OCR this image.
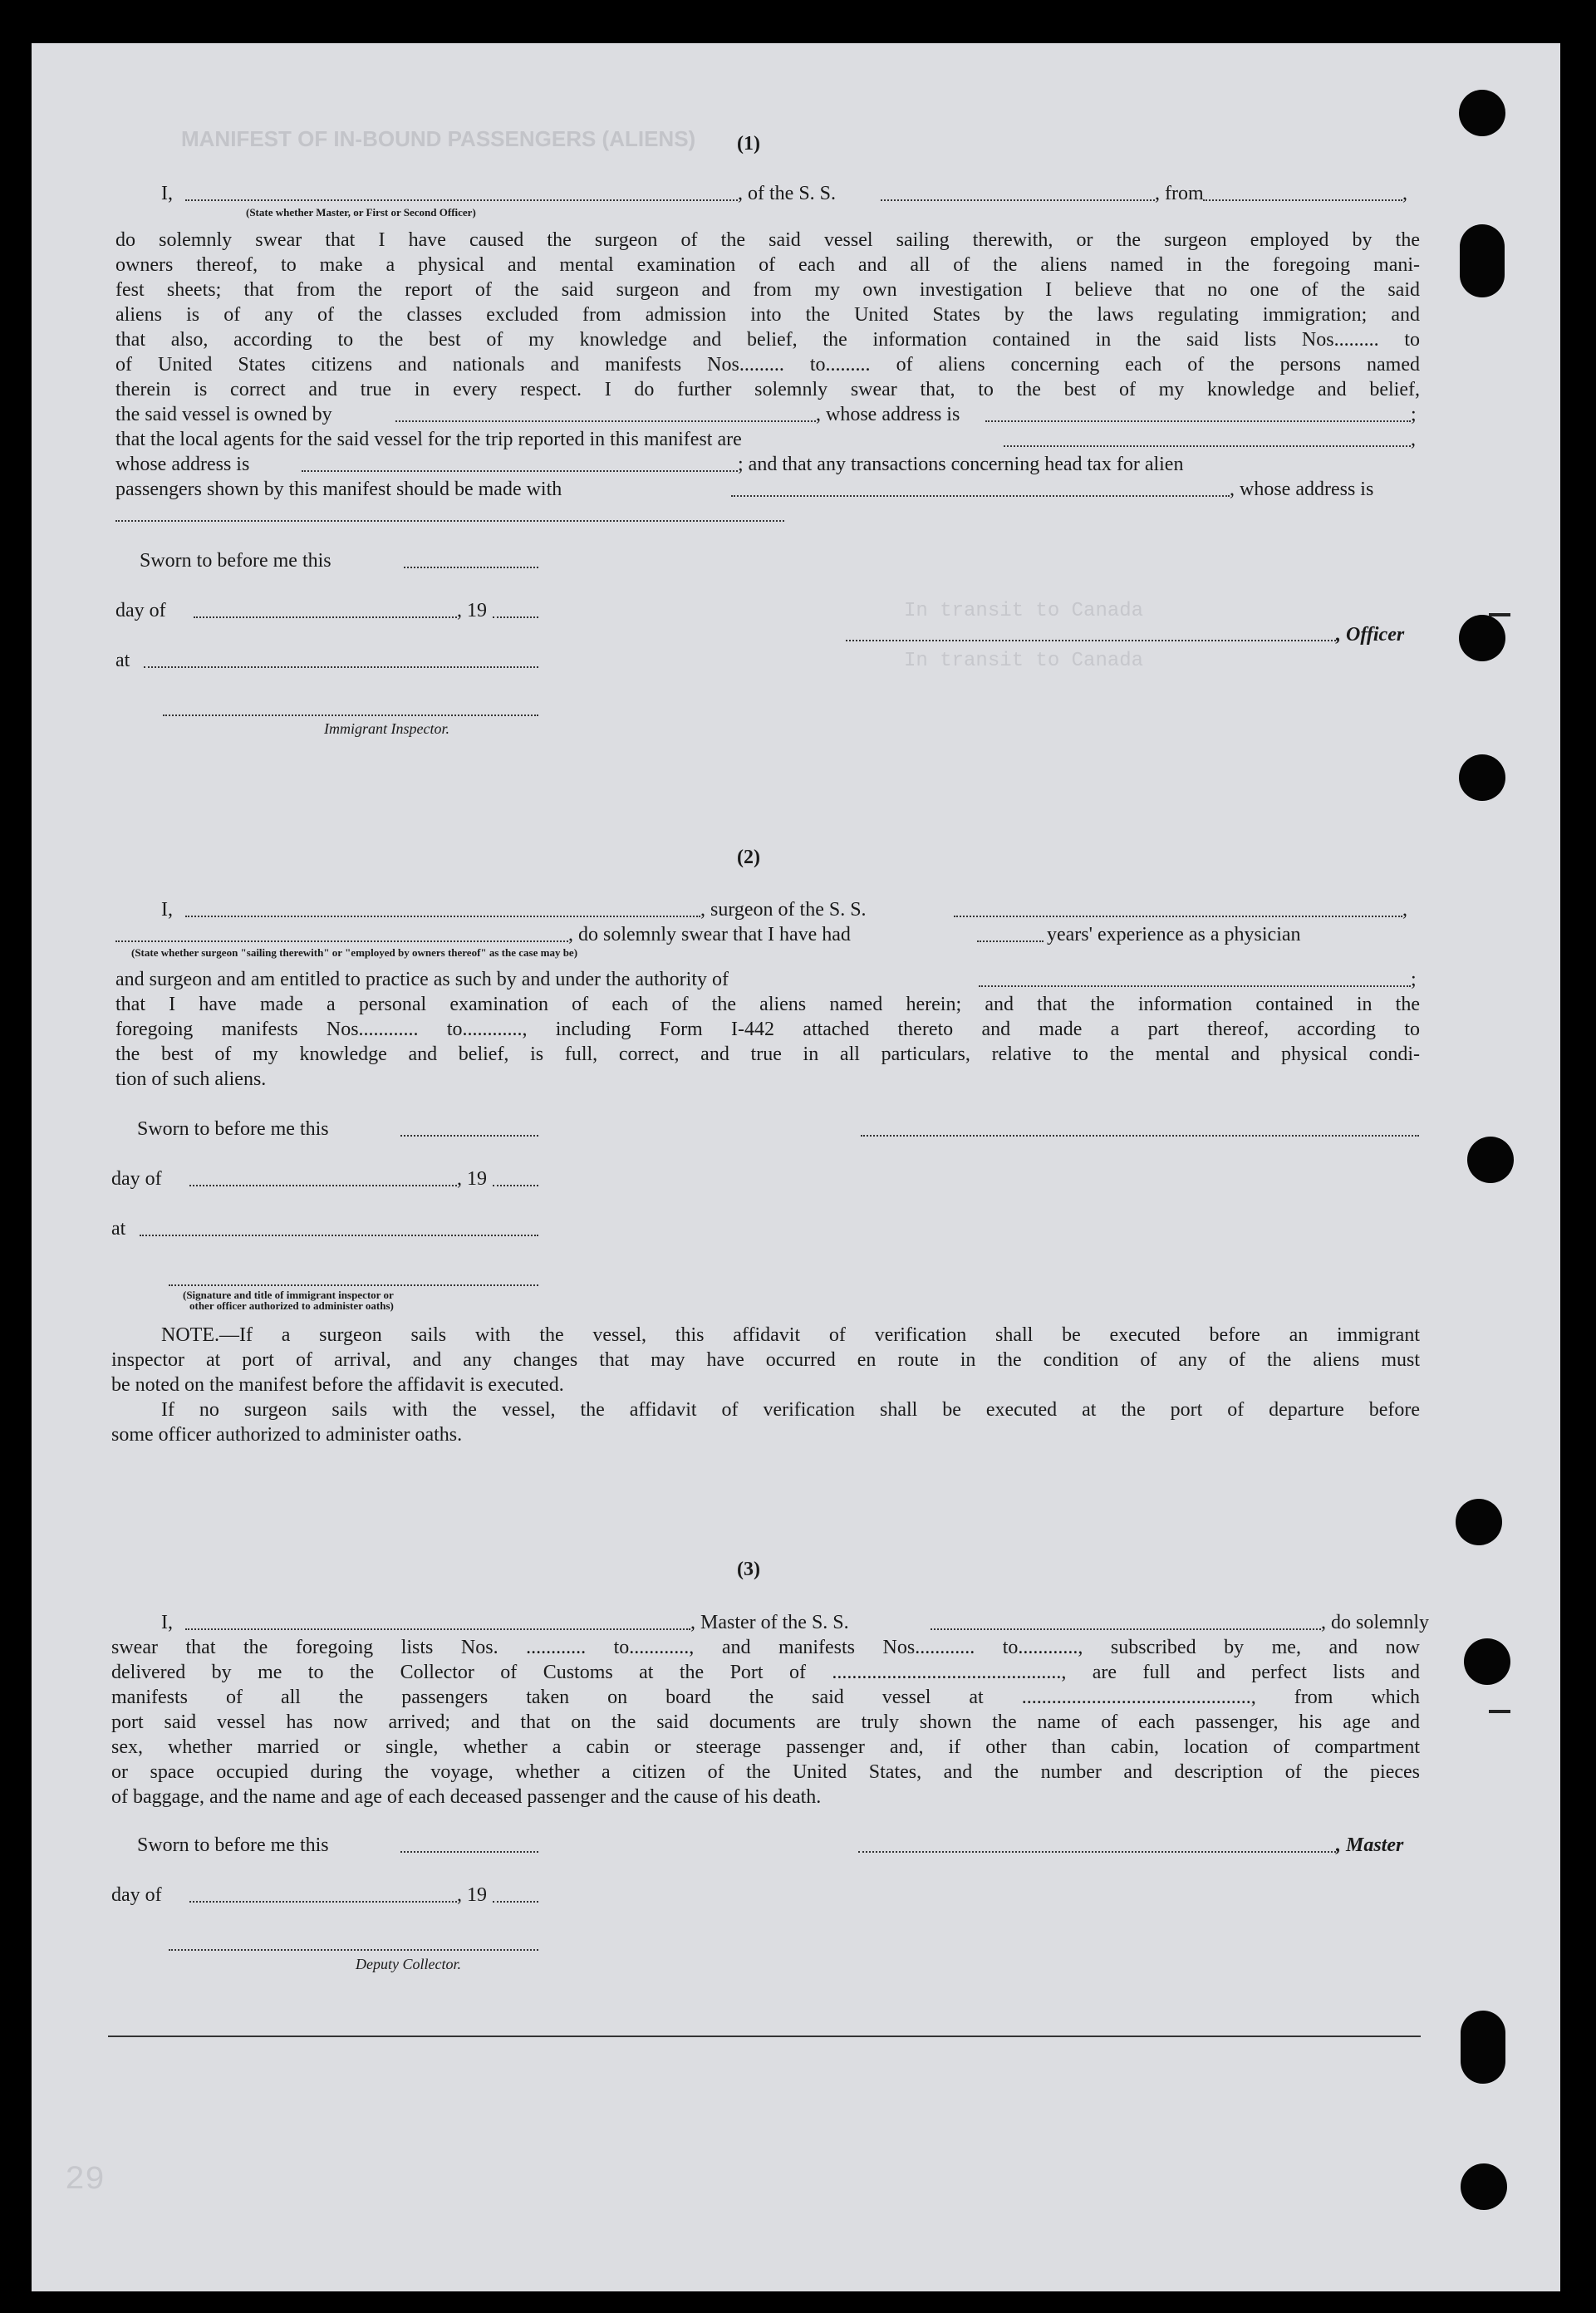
MANIFEST OF IN-BOUND PASSENGERS (ALIENS)
In transit to Canada
In transit to Canada
29
(1)
I,	, of the S. S.	, from	,
(State whether Master, or First or Second Officer)
do solemnly swear that I have caused the surgeon of the said vessel sailing therewith, or the surgeon employed by the
owners thereof, to make a physical and mental examination of each and all of the aliens named in the foregoing mani-
fest sheets; that from the report of the said surgeon and from my own investigation I believe that no one of the said
aliens is of any of the classes excluded from admission into the United States by the laws regulating immigration; and
that also, according to the best of my knowledge and belief, the information contained in the said lists Nos......... to
of United States citizens and nationals and manifests Nos......... to......... of aliens concerning each of the persons named
therein is correct and true in every respect. I do further solemnly swear that, to the best of my knowledge and belief,
the said vessel is owned by	, whose address is	;
that the local agents for the said vessel for the trip reported in this manifest are	,
whose address is	; and that any transactions concerning head tax for alien
passengers shown by this manifest should be made with	, whose address is
Sworn to before me this
day of	, 19
, Officer
at
Immigrant Inspector.
(2)
I,	, surgeon of the S. S.	,
, do solemnly swear that I have had	years' experience as a physician
(State whether surgeon "sailing therewith" or "employed by owners thereof" as the case may be)
and surgeon and am entitled to practice as such by and under the authority of	;
that I have made a personal examination of each of the aliens named herein; and that the information contained in the
foregoing manifests Nos............ to............, including Form I-442 attached thereto and made a part thereof, according to
the best of my knowledge and belief, is full, correct, and true in all particulars, relative to the mental and physical condi-
tion of such aliens.
Sworn to before me this
day of	, 19
at
(Signature and title of immigrant inspector or
other officer authorized to administer oaths)
NOTE.—If a surgeon sails with the vessel, this affidavit of verification shall be executed before an immigrant
inspector at port of arrival, and any changes that may have occurred en route in the condition of any of the aliens must
be noted on the manifest before the affidavit is executed.
If no surgeon sails with the vessel, the affidavit of verification shall be executed at the port of departure before
some officer authorized to administer oaths.
(3)
I,	, Master of the S. S.	, do solemnly
swear that the foregoing lists Nos. ............ to............, and manifests Nos............ to............, subscribed by me, and now
delivered by me to the Collector of Customs at the Port of .............................................., are full and perfect lists and
manifests of all the passengers taken on board the said vessel at .............................................., from which
port said vessel has now arrived; and that on the said documents are truly shown the name of each passenger, his age and
sex, whether married or single, whether a cabin or steerage passenger and, if other than cabin, location of compartment
or space occupied during the voyage, whether a citizen of the United States, and the number and description of the pieces
of baggage, and the name and age of each deceased passenger and the cause of his death.
Sworn to before me this	, Master
day of	, 19
Deputy Collector.
